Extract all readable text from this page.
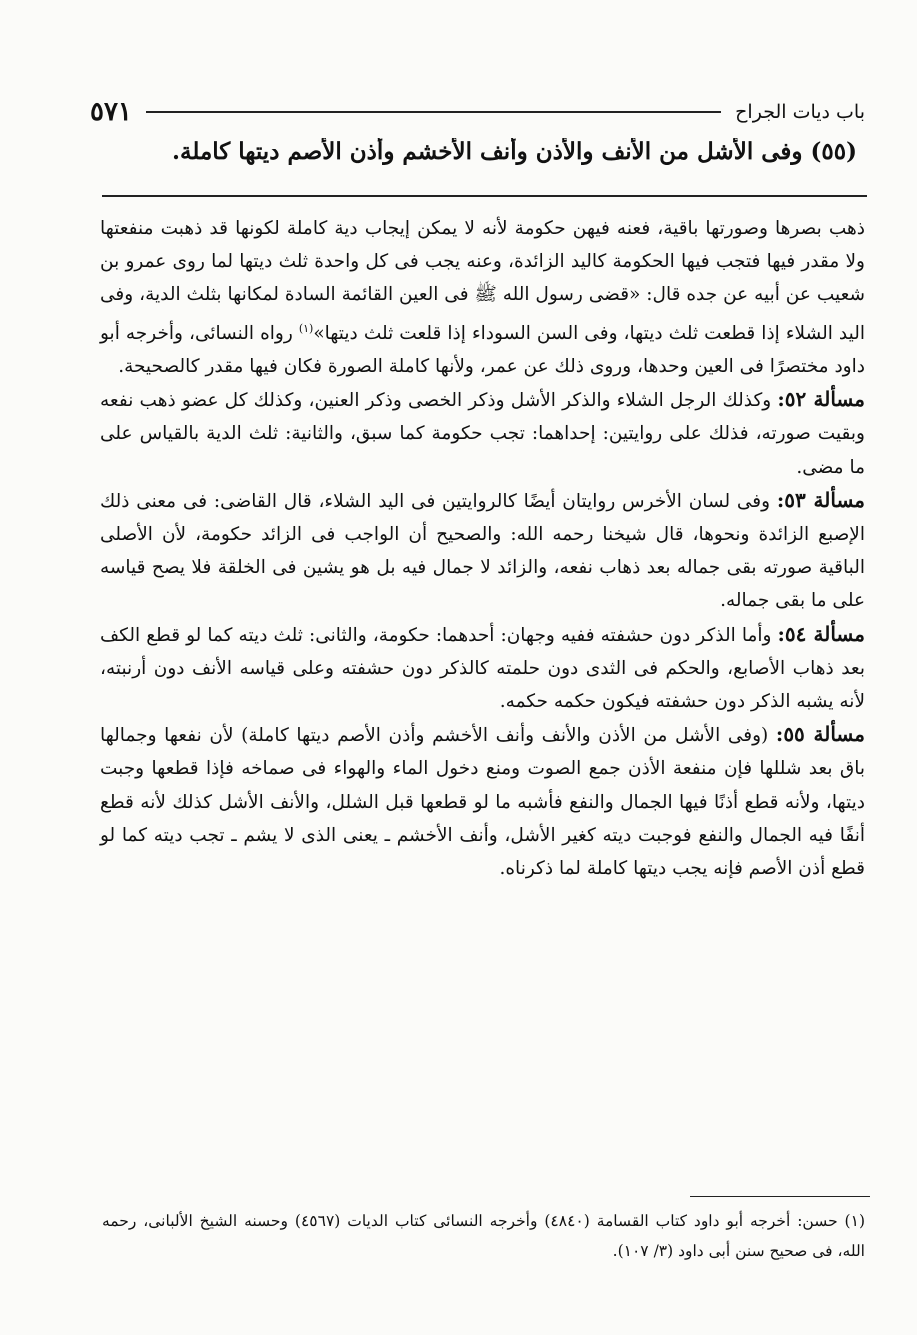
باب ديات الجراح
٥٧١
(٥٥) وفى الأشل من الأنف والأذن وأنف الأخشم وأذن الأصم ديتها كاملة.

ذهب بصرها وصورتها باقية، فعنه فيهن حكومة لأنه لا يمكن إيجاب دية كاملة لكونها قد ذهبت منفعتها ولا مقدر فيها فتجب فيها الحكومة كاليد الزائدة، وعنه يجب فى كل واحدة ثلث ديتها لما روى عمرو بن شعيب عن أبيه عن جده قال: «قضى رسول الله ﷺ فى العين القائمة السادة لمكانها بثلث الدية، وفى اليد الشلاء إذا قطعت ثلث ديتها، وفى السن السوداء إذا قلعت ثلث ديتها»$^{(١)}$ رواه النسائى، وأخرجه أبو داود مختصرًا فى العين وحدها، وروى ذلك عن عمر، ولأنها كاملة الصورة فكان فيها مقدر كالصحيحة.

مسألة ٥٢: وكذلك الرجل الشلاء والذكر الأشل وذكر الخصى وذكر العنين، وكذلك كل عضو ذهب نفعه وبقيت صورته، فذلك على روايتين: إحداهما: تجب حكومة كما سبق، والثانية: ثلث الدية بالقياس على ما مضى.

مسألة ٥٣: وفى لسان الأخرس روايتان أيضًا كالروايتين فى اليد الشلاء، قال القاضى: فى معنى ذلك الإصبع الزائدة ونحوها، قال شيخنا رحمه الله: والصحيح أن الواجب فى الزائد حكومة، لأن الأصلى الباقية صورته بقى جماله بعد ذهاب نفعه، والزائد لا جمال فيه بل هو يشين فى الخلقة فلا يصح قياسه على ما بقى جماله.

مسألة ٥٤: وأما الذكر دون حشفته ففيه وجهان: أحدهما: حكومة، والثانى: ثلث ديته كما لو قطع الكف بعد ذهاب الأصابع، والحكم فى الثدى دون حلمته كالذكر دون حشفته وعلى قياسه الأنف دون أرنبته، لأنه يشبه الذكر دون حشفته فيكون حكمه حكمه.

مسألة ٥٥: (وفى الأشل من الأذن والأنف وأنف الأخشم وأذن الأصم ديتها كاملة) لأن نفعها وجمالها باق بعد شللها فإن منفعة الأذن جمع الصوت ومنع دخول الماء والهواء فى صماخه فإذا قطعها وجبت ديتها، ولأنه قطع أذنًا فيها الجمال والنفع فأشبه ما لو قطعها قبل الشلل، والأنف الأشل كذلك لأنه قطع أنفًا فيه الجمال والنفع فوجبت ديته كغير الأشل، وأنف الأخشم ـ يعنى الذى لا يشم ـ تجب ديته كما لو قطع أذن الأصم فإنه يجب ديتها كاملة لما ذكرناه.

(١) حسن: أخرجه أبو داود كتاب القسامة (٤٨٤٠) وأخرجه النسائى كتاب الديات (٤٥٦٧) وحسنه الشيخ الألبانى، رحمه الله، فى صحيح سنن أبى داود (٣/ ١٠٧).
